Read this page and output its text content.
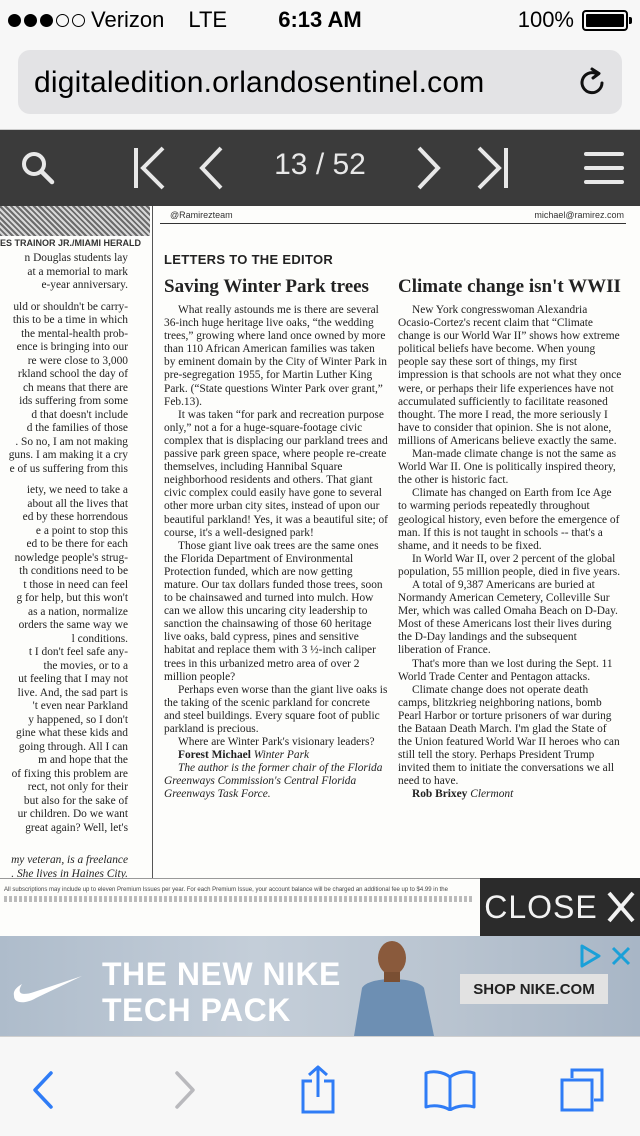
Verizon LTE	6:13 AM	100%
digitaledition.orlandosentinel.com
13 / 52
ES TRAINOR JR./MIAMI HERALD

n Douglas students lay

at a memorial to mark

e-year anniversary.

uld or shouldn't be carry-

this to be a time in which

the mental-health prob-

ence is bringing into our

re were close to 3,000

rkland school the day of

ch means that there are

ids suffering from some

d that doesn't include

d the families of those

. So no, I am not making

guns. I am making it a cry

e of us suffering from this

iety, we need to take a

about all the lives that

ed by these horrendous

e a point to stop this

ed to be there for each

nowledge people's strug-

th conditions need to be

t those in need can feel

g for help, but this won't

as a nation, normalize

orders the same way we

l conditions.

t I don't feel safe any-

the movies, or to a

ut feeling that I may not

live. And, the sad part is

't even near Parkland

y happened, so I don't

gine what these kids and

going through. All I can

m and hope that the

of fixing this problem are

rect, not only for their

but also for the sake of

ur children. Do we want

great again? Well, let's

my veteran, is a freelance
. She lives in Haines City.
@Ramirezteam	michael@ramirez.com
LETTERS TO THE EDITOR
Saving Winter Park trees Climate change isn't WWII

What really astounds me is there are several 36-inch huge heritage live oaks, “the wedding trees,” growing where land once owned by more than 110 African American families was taken by eminent domain by the City of Winter Park in pre-segregation 1955, for Martin Luther King Park. (“State questions Winter Park over grant,” Feb.13).

It was taken “for park and recreation purpose only,” not a for a huge-square-footage civic complex that is displacing our parkland trees and passive park green space, where people re-create themselves, including Hannibal Square neighborhood residents and others. That giant civic complex could easily have gone to several other more urban city sites, instead of upon our beautiful parkland! Yes, it was a beautiful site; of course, it's a well-designed park!

Those giant live oak trees are the same ones the Florida Department of Environmental Protection funded, which are now getting mature. Our tax dollars funded those trees, soon to be chainsawed and turned into mulch. How can we allow this uncaring city leadership to sanction the chainsawing of those 60 heritage live oaks, bald cypress, pines and sensitive habitat and replace them with 3 ½-inch caliper trees in this urbanized metro area of over 2 million people?

Perhaps even worse than the giant live oaks is the taking of the scenic parkland for concrete and steel buildings. Every square foot of public parkland is precious.

Where are Winter Park's visionary leaders?

Forest Michael Winter Park

The author is the former chair of the Florida Greenways Commission's Central Florida Greenways Task Force.

New York congresswoman Alexandria Ocasio-Cortez's recent claim that “Climate change is our World War II” shows how extreme political beliefs have become. When young people say these sort of things, my first impression is that schools are not what they once were, or perhaps their life experiences have not accumulated sufficiently to facilitate reasoned thought. The more I read, the more seriously I have to consider that opinion. She is not alone, millions of Americans believe exactly the same.

Man-made climate change is not the same as World War II. One is politically inspired theory, the other is historic fact.

Climate has changed on Earth from Ice Age to warming periods repeatedly throughout geological history, even before the emergence of man. If this is not taught in schools -- that's a shame, and it needs to be fixed.

In World War II, over 2 percent of the global population, 55 million people, died in five years.

A total of 9,387 Americans are buried at Normandy American Cemetery, Colleville Sur Mer, which was called Omaha Beach on D-Day. Most of these Americans lost their lives during the D-Day landings and the subsequent liberation of France.

That's more than we lost during the Sept. 11 World Trade Center and Pentagon attacks.

Climate change does not operate death camps, blitzkrieg neighboring nations, bomb Pearl Harbor or torture prisoners of war during the Bataan Death March. I'm glad the State of the Union featured World War II heroes who can still tell the story. Perhaps President Trump invited them to initiate the conversations we all need to have.

Rob Brixey Clermont

All subscriptions may include up to eleven Premium Issues per year. For each Premium Issue, your account balance will be charged an additional fee up to $4.99 in the	CLOSE
THE NEW NIKE
TECH PACK
SHOP NIKE.COM
